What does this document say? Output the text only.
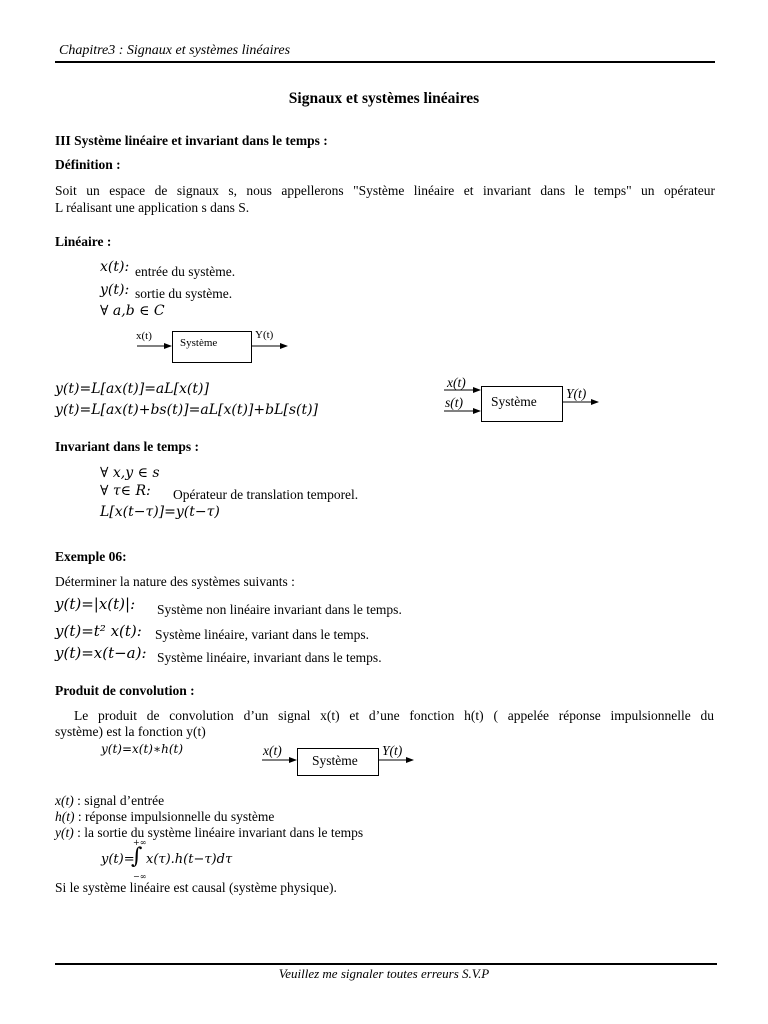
Chapitre3 : Signaux et systèmes linéaires
Signaux et systèmes linéaires
III Système linéaire et invariant dans le temps :
Définition :
Soit un espace de signaux s, nous appellerons "Système linéaire et invariant dans le temps" un opérateur
L réalisant une application s dans S.
Linéaire :
x(t): entrée du système.
y(t): sortie du système.
∀ a,b ∈ C
x(t)
Système
Y(t)
y(t)=L[ax(t)]=aL[x(t)]
y(t)=L[ax(t)+bs(t)]=aL[x(t)]+bL[s(t)]
x(t)
s(t) Système
Y(t)
Invariant dans le temps :
∀ x,y ∈ s
∀ τ∈ R: Opérateur de translation temporel.
L[x(t−τ)]=y(t−τ)
Exemple 06:
Déterminer la nature des systèmes suivants :
y(t)=|x(t)|: Système non linéaire invariant dans le temps.
y(t)=t² x(t): Système linéaire, variant dans le temps.
y(t)=x(t−a): Système linéaire, invariant dans le temps.
Produit de convolution :
Le produit de convolution d’un signal x(t) et d’une fonction h(t) ( appelée réponse impulsionnelle du
système) est la fonction y(t)
y(t)=x(t)∗h(t)	x(t)
Système
Y(t)
x(t) : signal d’entrée
h(t) : réponse impulsionnelle du système
y(t) : la sortie du système linéaire invariant dans le temps
y(t)=
+∞
∫
−∞
x(τ).h(t−τ)dτ
Si le système linéaire est causal (système physique).
Veuillez me signaler toutes erreurs S.V.P
